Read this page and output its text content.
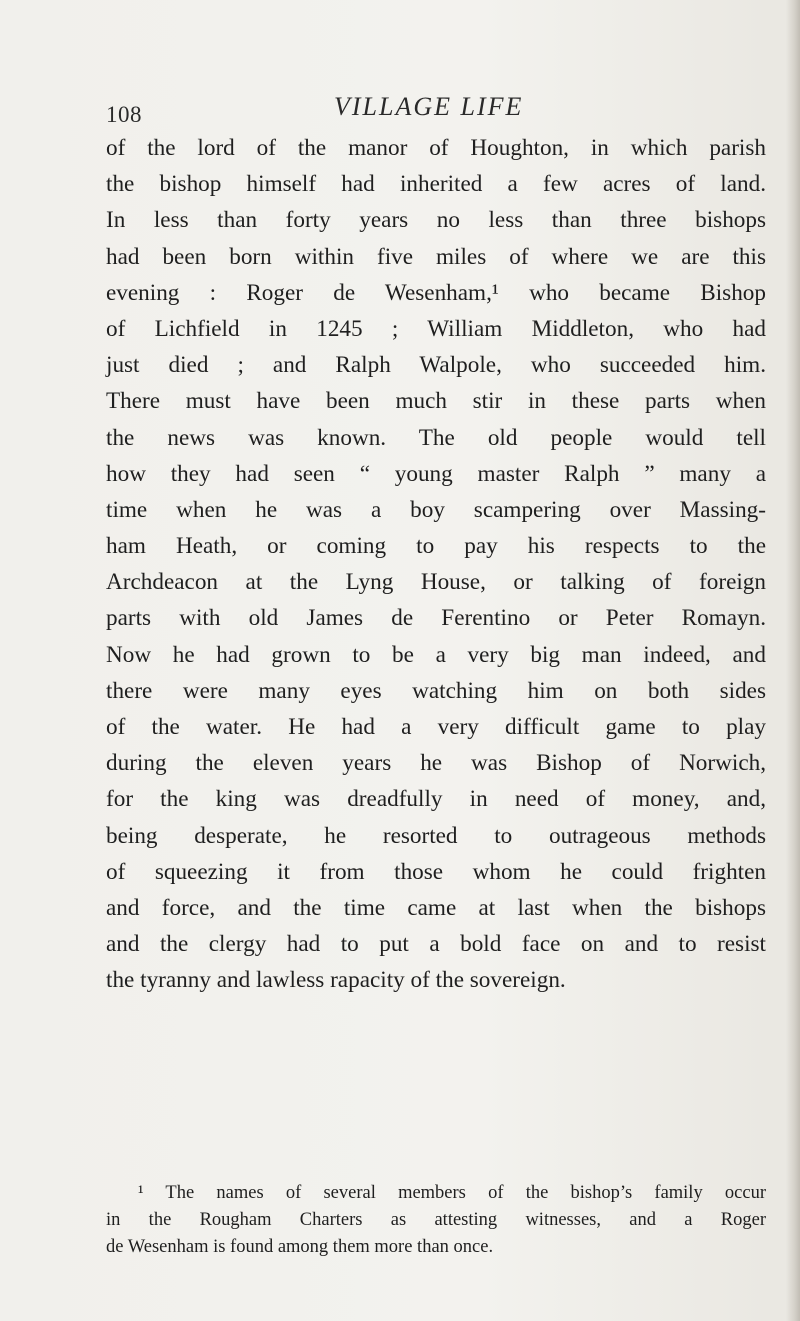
108	VILLAGE LIFE
of the lord of the manor of Houghton, in which parish
the bishop himself had inherited a few acres of land.
In less than forty years no less than three bishops
had been born within five miles of where we are this
evening : Roger de Wesenham,¹ who became Bishop
of Lichfield in 1245 ; William Middleton, who had
just died ; and Ralph Walpole, who succeeded him.
There must have been much stir in these parts when
the news was known. The old people would tell
how they had seen “ young master Ralph ” many a
time when he was a boy scampering over Massing-
ham Heath, or coming to pay his respects to the
Archdeacon at the Lyng House, or talking of foreign
parts with old James de Ferentino or Peter Romayn.
Now he had grown to be a very big man indeed, and
there were many eyes watching him on both sides
of the water. He had a very difficult game to play
during the eleven years he was Bishop of Norwich,
for the king was dreadfully in need of money, and,
being desperate, he resorted to outrageous methods
of squeezing it from those whom he could frighten
and force, and the time came at last when the bishops
and the clergy had to put a bold face on and to resist
the tyranny and lawless rapacity of the sovereign.
¹ The names of several members of the bishop’s family occur
in the Rougham Charters as attesting witnesses, and a Roger
de Wesenham is found among them more than once.
